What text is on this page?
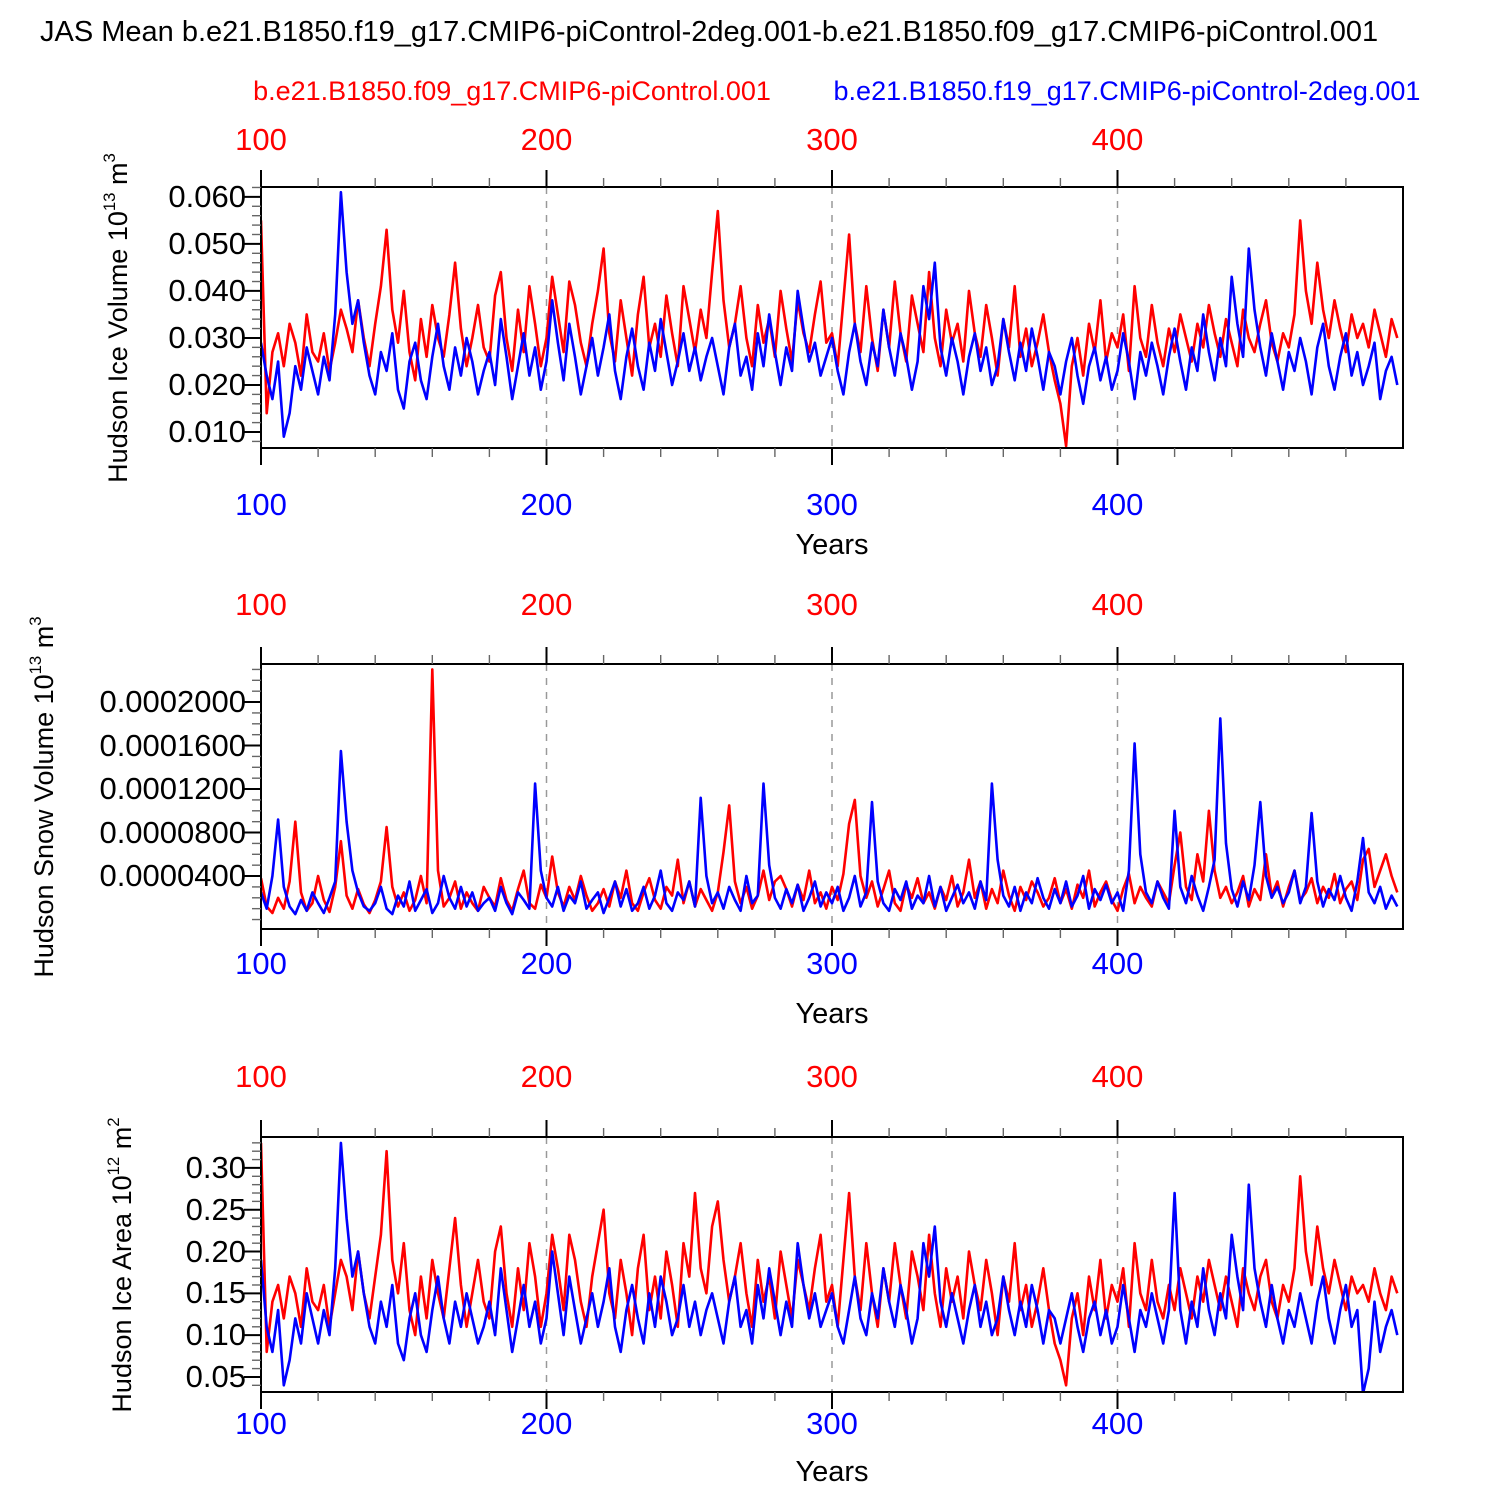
JAS Mean b.e21.B1850.f19_g17.CMIP6-piControl-2deg.001-b.e21.B1850.f09_g17.CMIP6-piControl.001
b.e21.B1850.f09_g17.CMIP6-piControl.001	b.e21.B1850.f19_g17.CMIP6-piControl-2deg.001
100
100
200
200
300
300
400
400
0.010
0.020
0.030
0.040
0.050
0.060
100
100
200
200
300
300
400
400
0.0000400
0.0000800
0.0001200
0.0001600
0.0002000
100
100
200
200
300
300
400
400
0.05
0.10
0.15
0.20
0.25
0.30
Hudson Ice Volume $10^{13}$ $m^3$
Hudson Snow Volume $10^{13}$ $m^3$
Hudson Ice Area $10^{12}$ $m^2$
Years
Years
Years
